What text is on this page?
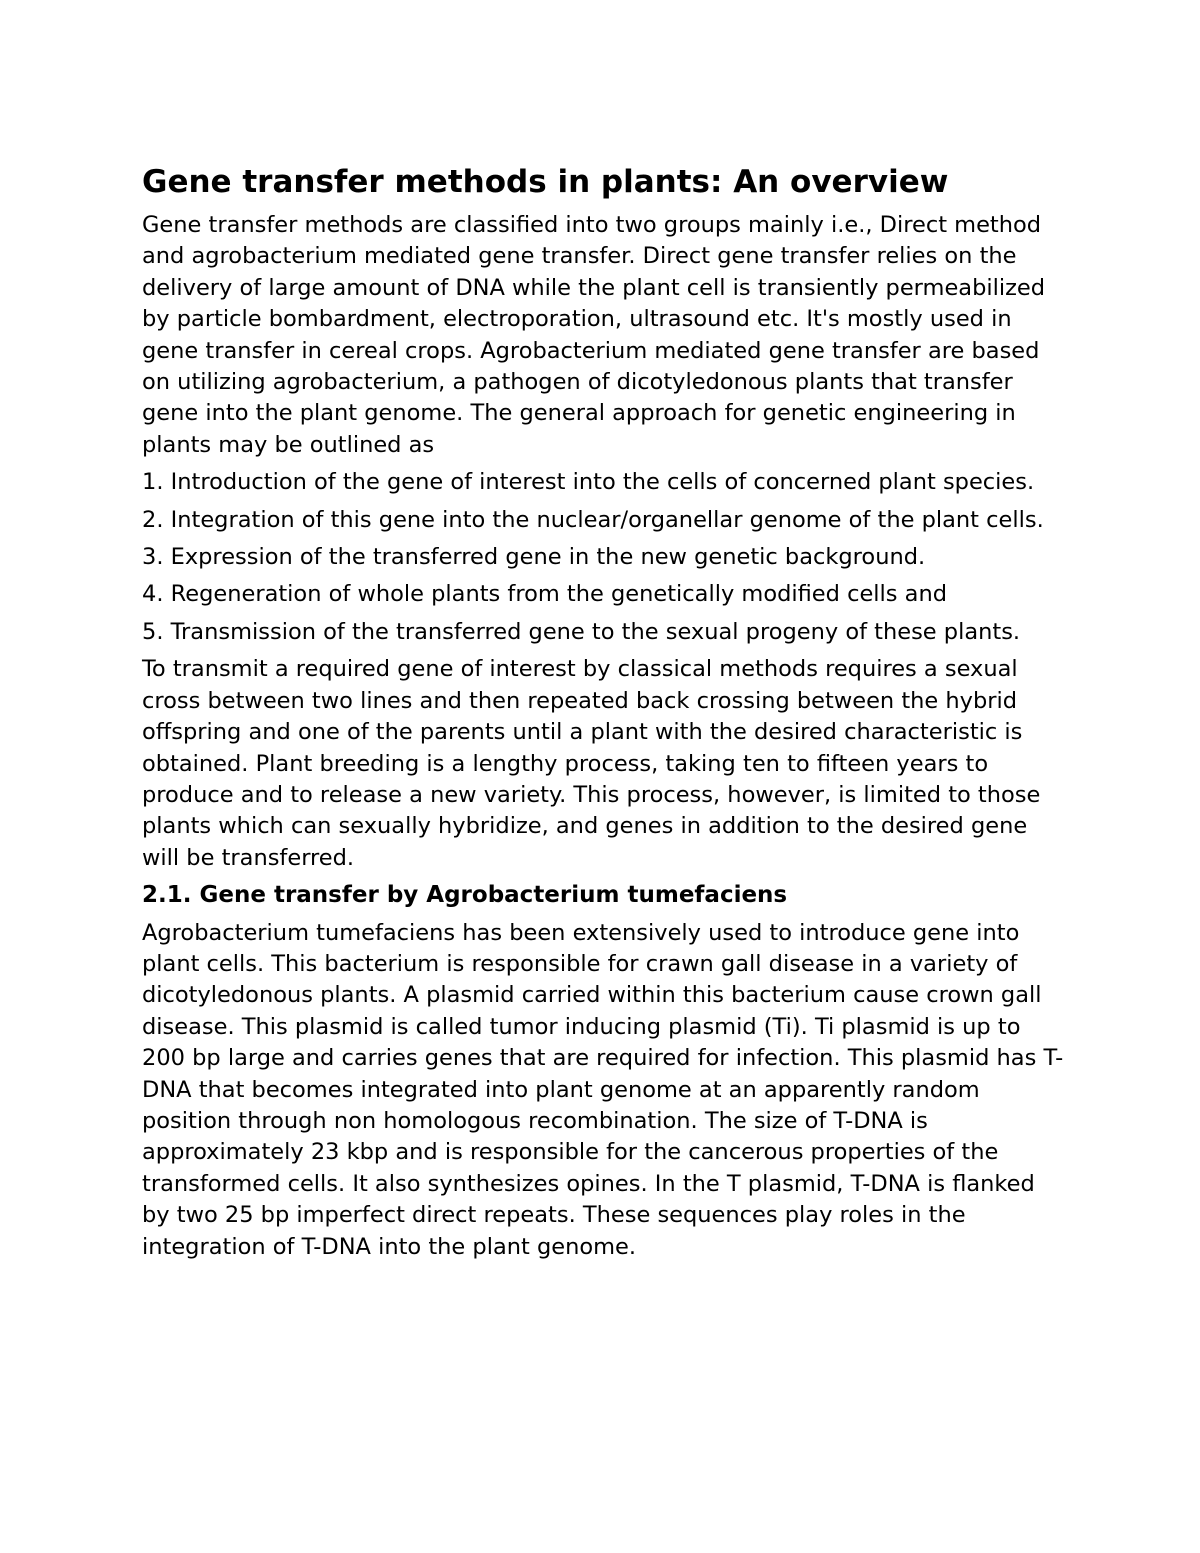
Gene transfer methods in plants: An overview

Gene transfer methods are classified into two groups mainly i.e., Direct method and agrobacterium mediated gene transfer. Direct gene transfer relies on the delivery of large amount of DNA while the plant cell is transiently permeabilized by particle bombardment, electroporation, ultrasound etc. It's mostly used in gene transfer in cereal crops. Agrobacterium mediated gene transfer are based on utilizing agrobacterium, a pathogen of dicotyledonous plants that transfer gene into the plant genome. The general approach for genetic engineering in plants may be outlined as

1. Introduction of the gene of interest into the cells of concerned plant species.

2. Integration of this gene into the nuclear/organellar genome of the plant cells.

3. Expression of the transferred gene in the new genetic background.

4. Regeneration of whole plants from the genetically modified cells and

5. Transmission of the transferred gene to the sexual progeny of these plants.

To transmit a required gene of interest by classical methods requires a sexual cross between two lines and then repeated back crossing between the hybrid offspring and one of the parents until a plant with the desired characteristic is obtained. Plant breeding is a lengthy process, taking ten to fifteen years to produce and to release a new variety. This process, however, is limited to those plants which can sexually hybridize, and genes in addition to the desired gene will be transferred.

2.1. Gene transfer by Agrobacterium tumefaciens

Agrobacterium tumefaciens has been extensively used to introduce gene into plant cells. This bacterium is responsible for crawn gall disease in a variety of dicotyledonous plants. A plasmid carried within this bacterium cause crown gall disease. This plasmid is called tumor inducing plasmid (Ti). Ti plasmid is up to 200 bp large and carries genes that are required for infection. This plasmid has T-DNA that becomes integrated into plant genome at an apparently random position through non homologous recombination. The size of T-DNA is approximately 23 kbp and is responsible for the cancerous properties of the transformed cells. It also synthesizes opines. In the T plasmid, T-DNA is flanked by two 25 bp imperfect direct repeats. These sequences play roles in the integration of T-DNA into the plant genome.
